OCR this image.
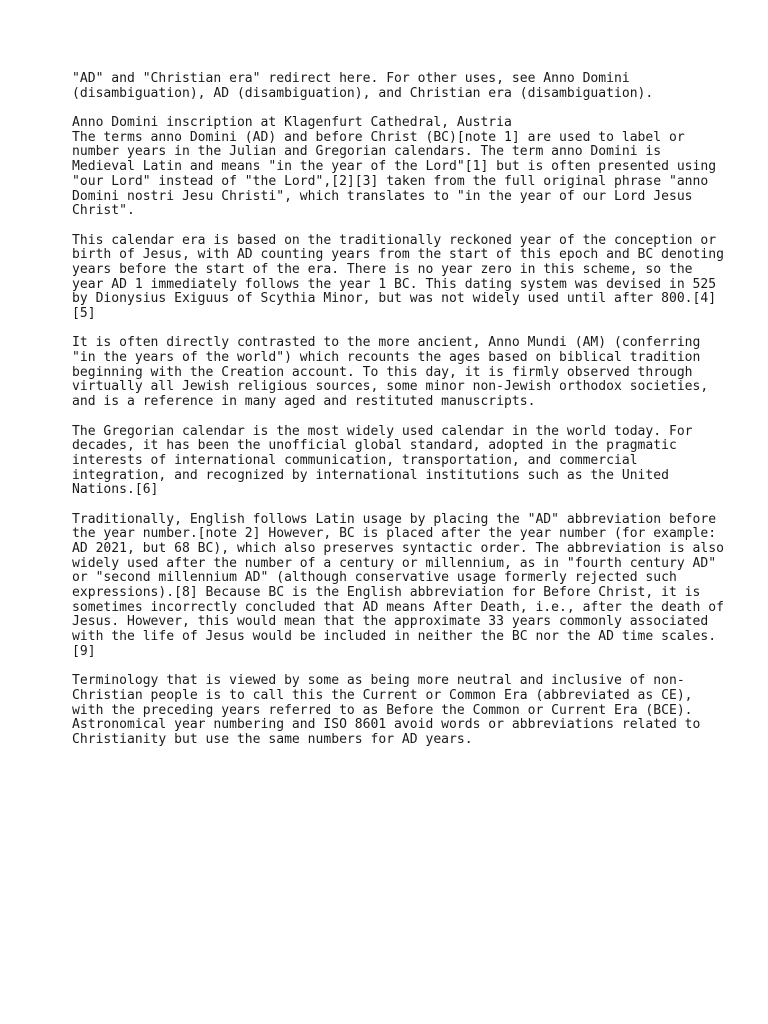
"AD" and "Christian era" redirect here. For other uses, see Anno Domini
(disambiguation), AD (disambiguation), and Christian era (disambiguation).
Anno Domini inscription at Klagenfurt Cathedral, Austria
The terms anno Domini (AD) and before Christ (BC)[note 1] are used to label or
number years in the Julian and Gregorian calendars. The term anno Domini is
Medieval Latin and means "in the year of the Lord"[1] but is often presented using
"our Lord" instead of "the Lord",[2][3] taken from the full original phrase "anno
Domini nostri Jesu Christi", which translates to "in the year of our Lord Jesus
Christ".
This calendar era is based on the traditionally reckoned year of the conception or
birth of Jesus, with AD counting years from the start of this epoch and BC denoting
years before the start of the era. There is no year zero in this scheme, so the
year AD 1 immediately follows the year 1 BC. This dating system was devised in 525
by Dionysius Exiguus of Scythia Minor, but was not widely used until after 800.[4]
[5]
It is often directly contrasted to the more ancient, Anno Mundi (AM) (conferring
"in the years of the world") which recounts the ages based on biblical tradition
beginning with the Creation account. To this day, it is firmly observed through
virtually all Jewish religious sources, some minor non-Jewish orthodox societies,
and is a reference in many aged and restituted manuscripts.
The Gregorian calendar is the most widely used calendar in the world today. For
decades, it has been the unofficial global standard, adopted in the pragmatic
interests of international communication, transportation, and commercial
integration, and recognized by international institutions such as the United
Nations.[6]
Traditionally, English follows Latin usage by placing the "AD" abbreviation before
the year number.[note 2] However, BC is placed after the year number (for example:
AD 2021, but 68 BC), which also preserves syntactic order. The abbreviation is also
widely used after the number of a century or millennium, as in "fourth century AD"
or "second millennium AD" (although conservative usage formerly rejected such
expressions).[8] Because BC is the English abbreviation for Before Christ, it is
sometimes incorrectly concluded that AD means After Death, i.e., after the death of
Jesus. However, this would mean that the approximate 33 years commonly associated
with the life of Jesus would be included in neither the BC nor the AD time scales.
[9]
Terminology that is viewed by some as being more neutral and inclusive of non-
Christian people is to call this the Current or Common Era (abbreviated as CE),
with the preceding years referred to as Before the Common or Current Era (BCE).
Astronomical year numbering and ISO 8601 avoid words or abbreviations related to
Christianity but use the same numbers for AD years.
